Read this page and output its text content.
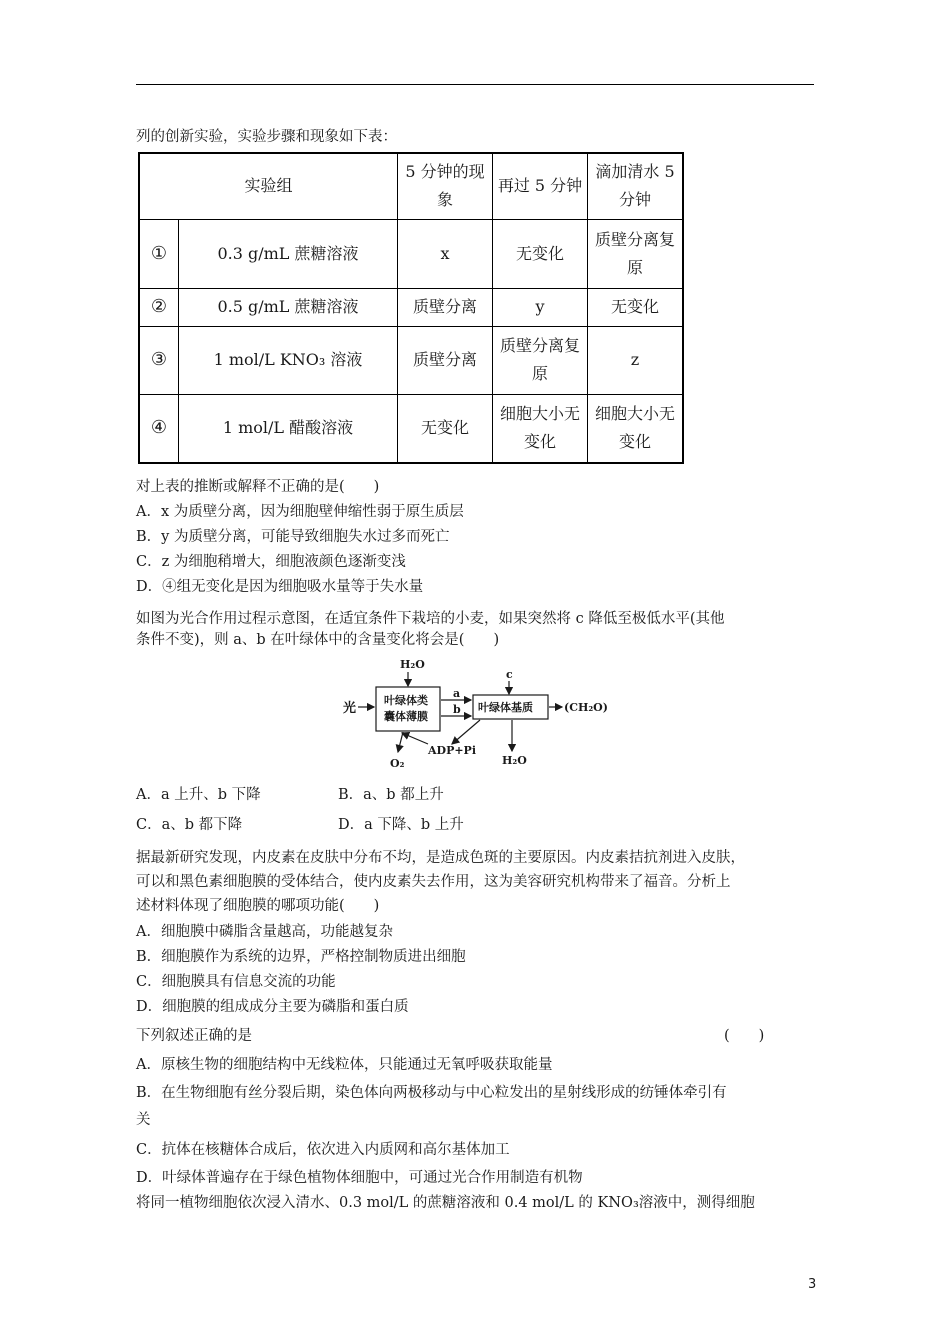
列的创新实验，实验步骤和现象如下表：
实验组		5 分钟的现象	再过 5 分钟	滴加清水 5 分钟
①	0.3 g/mL 蔗糖溶液	x	无变化	质壁分离复原
②	0.5 g/mL 蔗糖溶液	质壁分离	y	无变化
③	1 mol/L KNO₃ 溶液	质壁分离	质壁分离复原	z
④	1 mol/L 醋酸溶液	无变化	细胞大小无变化	细胞大小无变化
对上表的推断或解释不正确的是(　　)
A．x 为质壁分离，因为细胞壁伸缩性弱于原生质层
B．y 为质壁分离，可能导致细胞失水过多而死亡
C．z 为细胞稍增大，细胞液颜色逐渐变浅
D．④组无变化是因为细胞吸水量等于失水量
如图为光合作用过程示意图，在适宜条件下栽培的小麦，如果突然将 c 降低至极低水平(其他
条件不变)，则 a、b 在叶绿体中的含量变化将会是(　　)
H₂O
光
叶绿体类
囊体薄膜
a
b
c
叶绿体基质	(CH₂O)
O₂
ADP+Pi
H₂O
A．a 上升、b 下降	B．a、b 都上升
C．a、b 都下降	D．a 下降、b 上升
据最新研究发现，内皮素在皮肤中分布不均，是造成色斑的主要原因。内皮素拮抗剂进入皮肤，
可以和黑色素细胞膜的受体结合，使内皮素失去作用，这为美容研究机构带来了福音。分析上
述材料体现了细胞膜的哪项功能(　　)
A．细胞膜中磷脂含量越高，功能越复杂
B．细胞膜作为系统的边界，严格控制物质进出细胞
C．细胞膜具有信息交流的功能
D．细胞膜的组成成分主要为磷脂和蛋白质
下列叙述正确的是	(　　)
A．原核生物的细胞结构中无线粒体，只能通过无氧呼吸获取能量
B．在生物细胞有丝分裂后期，染色体向两极移动与中心粒发出的星射线形成的纺锤体牵引有
关
C．抗体在核糖体合成后，依次进入内质网和高尔基体加工
D．叶绿体普遍存在于绿色植物体细胞中，可通过光合作用制造有机物
将同一植物细胞依次浸入清水、0.3 mol/L 的蔗糖溶液和 0.4 mol/L 的 KNO₃溶液中，测得细胞
3
